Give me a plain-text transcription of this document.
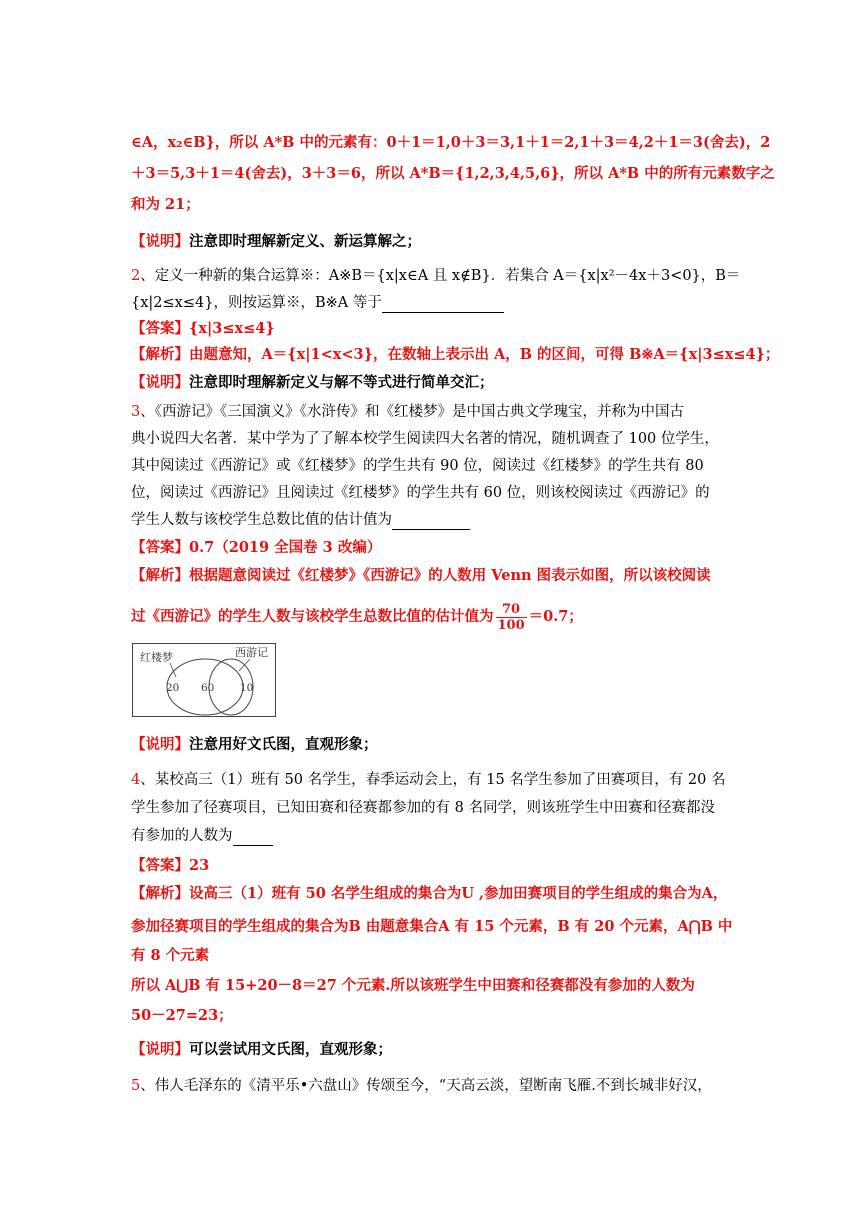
∈A，x₂∈B}，所以 A*B 中的元素有：0＋1＝1,0＋3＝3,1＋1＝2,1＋3＝4,2＋1＝3(舍去)，2
＋3＝5,3＋1＝4(舍去)，3＋3＝6，所以 A*B＝{1,2,3,4,5,6}，所以 A*B 中的所有元素数字之
和为 21；
【说明】注意即时理解新定义、新运算解之；
2、定义一种新的集合运算※：A※B＝{x|x∈A 且 x∉B}．若集合 A＝{x|x²－4x＋3<0}，B＝
{x|2≤x≤4}，则按运算※，B※A 等于
【答案】{x|3≤x≤4}
【解析】由题意知，A＝{x|1<x<3}，在数轴上表示出 A，B 的区间，可得 B※A＝{x|3≤x≤4}；
【说明】注意即时理解新定义与解不等式进行简单交汇；
3、《西游记》《三国演义》《水浒传》和《红楼梦》是中国古典文学瑰宝，并称为中国古
典小说四大名著．某中学为了了解本校学生阅读四大名著的情况，随机调查了 100 位学生，
其中阅读过《西游记》或《红楼梦》的学生共有 90 位，阅读过《红楼梦》的学生共有 80
位，阅读过《西游记》且阅读过《红楼梦》的学生共有 60 位，则该校阅读过《西游记》的
学生人数与该校学生总数比值的估计值为
【答案】0.7（2019 全国卷 3 改编）
【解析】根据题意阅读过《红楼梦》《西游记》的人数用 Venn 图表示如图，所以该校阅读
过《西游记》的学生人数与该校学生总数比值的估计值为 $\frac{70}{100} =0.7$；
红楼梦	西游记
20 60 10
【说明】注意用好文氏图，直观形象；
4、某校高三（1）班有 50 名学生，春季运动会上，有 15 名学生参加了田赛项目，有 20 名
学生参加了径赛项目，已知田赛和径赛都参加的有 8 名同学，则该班学生中田赛和径赛都没
有参加的人数为
【答案】23
【解析】设高三（1）班有 50 名学生组成的集合为U ,参加田赛项目的学生组成的集合为A，
参加径赛项目的学生组成的集合为B 由题意集合A 有 15 个元素，B 有 20 个元素，A⋂B 中
有 8 个元素
所以 A⋃B 有 15+20－8＝27 个元素.所以该班学生中田赛和径赛都没有参加的人数为
50－27=23；
【说明】可以尝试用文氏图，直观形象；
5、伟人毛泽东的《清平乐•六盘山》传颂至今，“天高云淡，望断南飞雁.不到长城非好汉，
